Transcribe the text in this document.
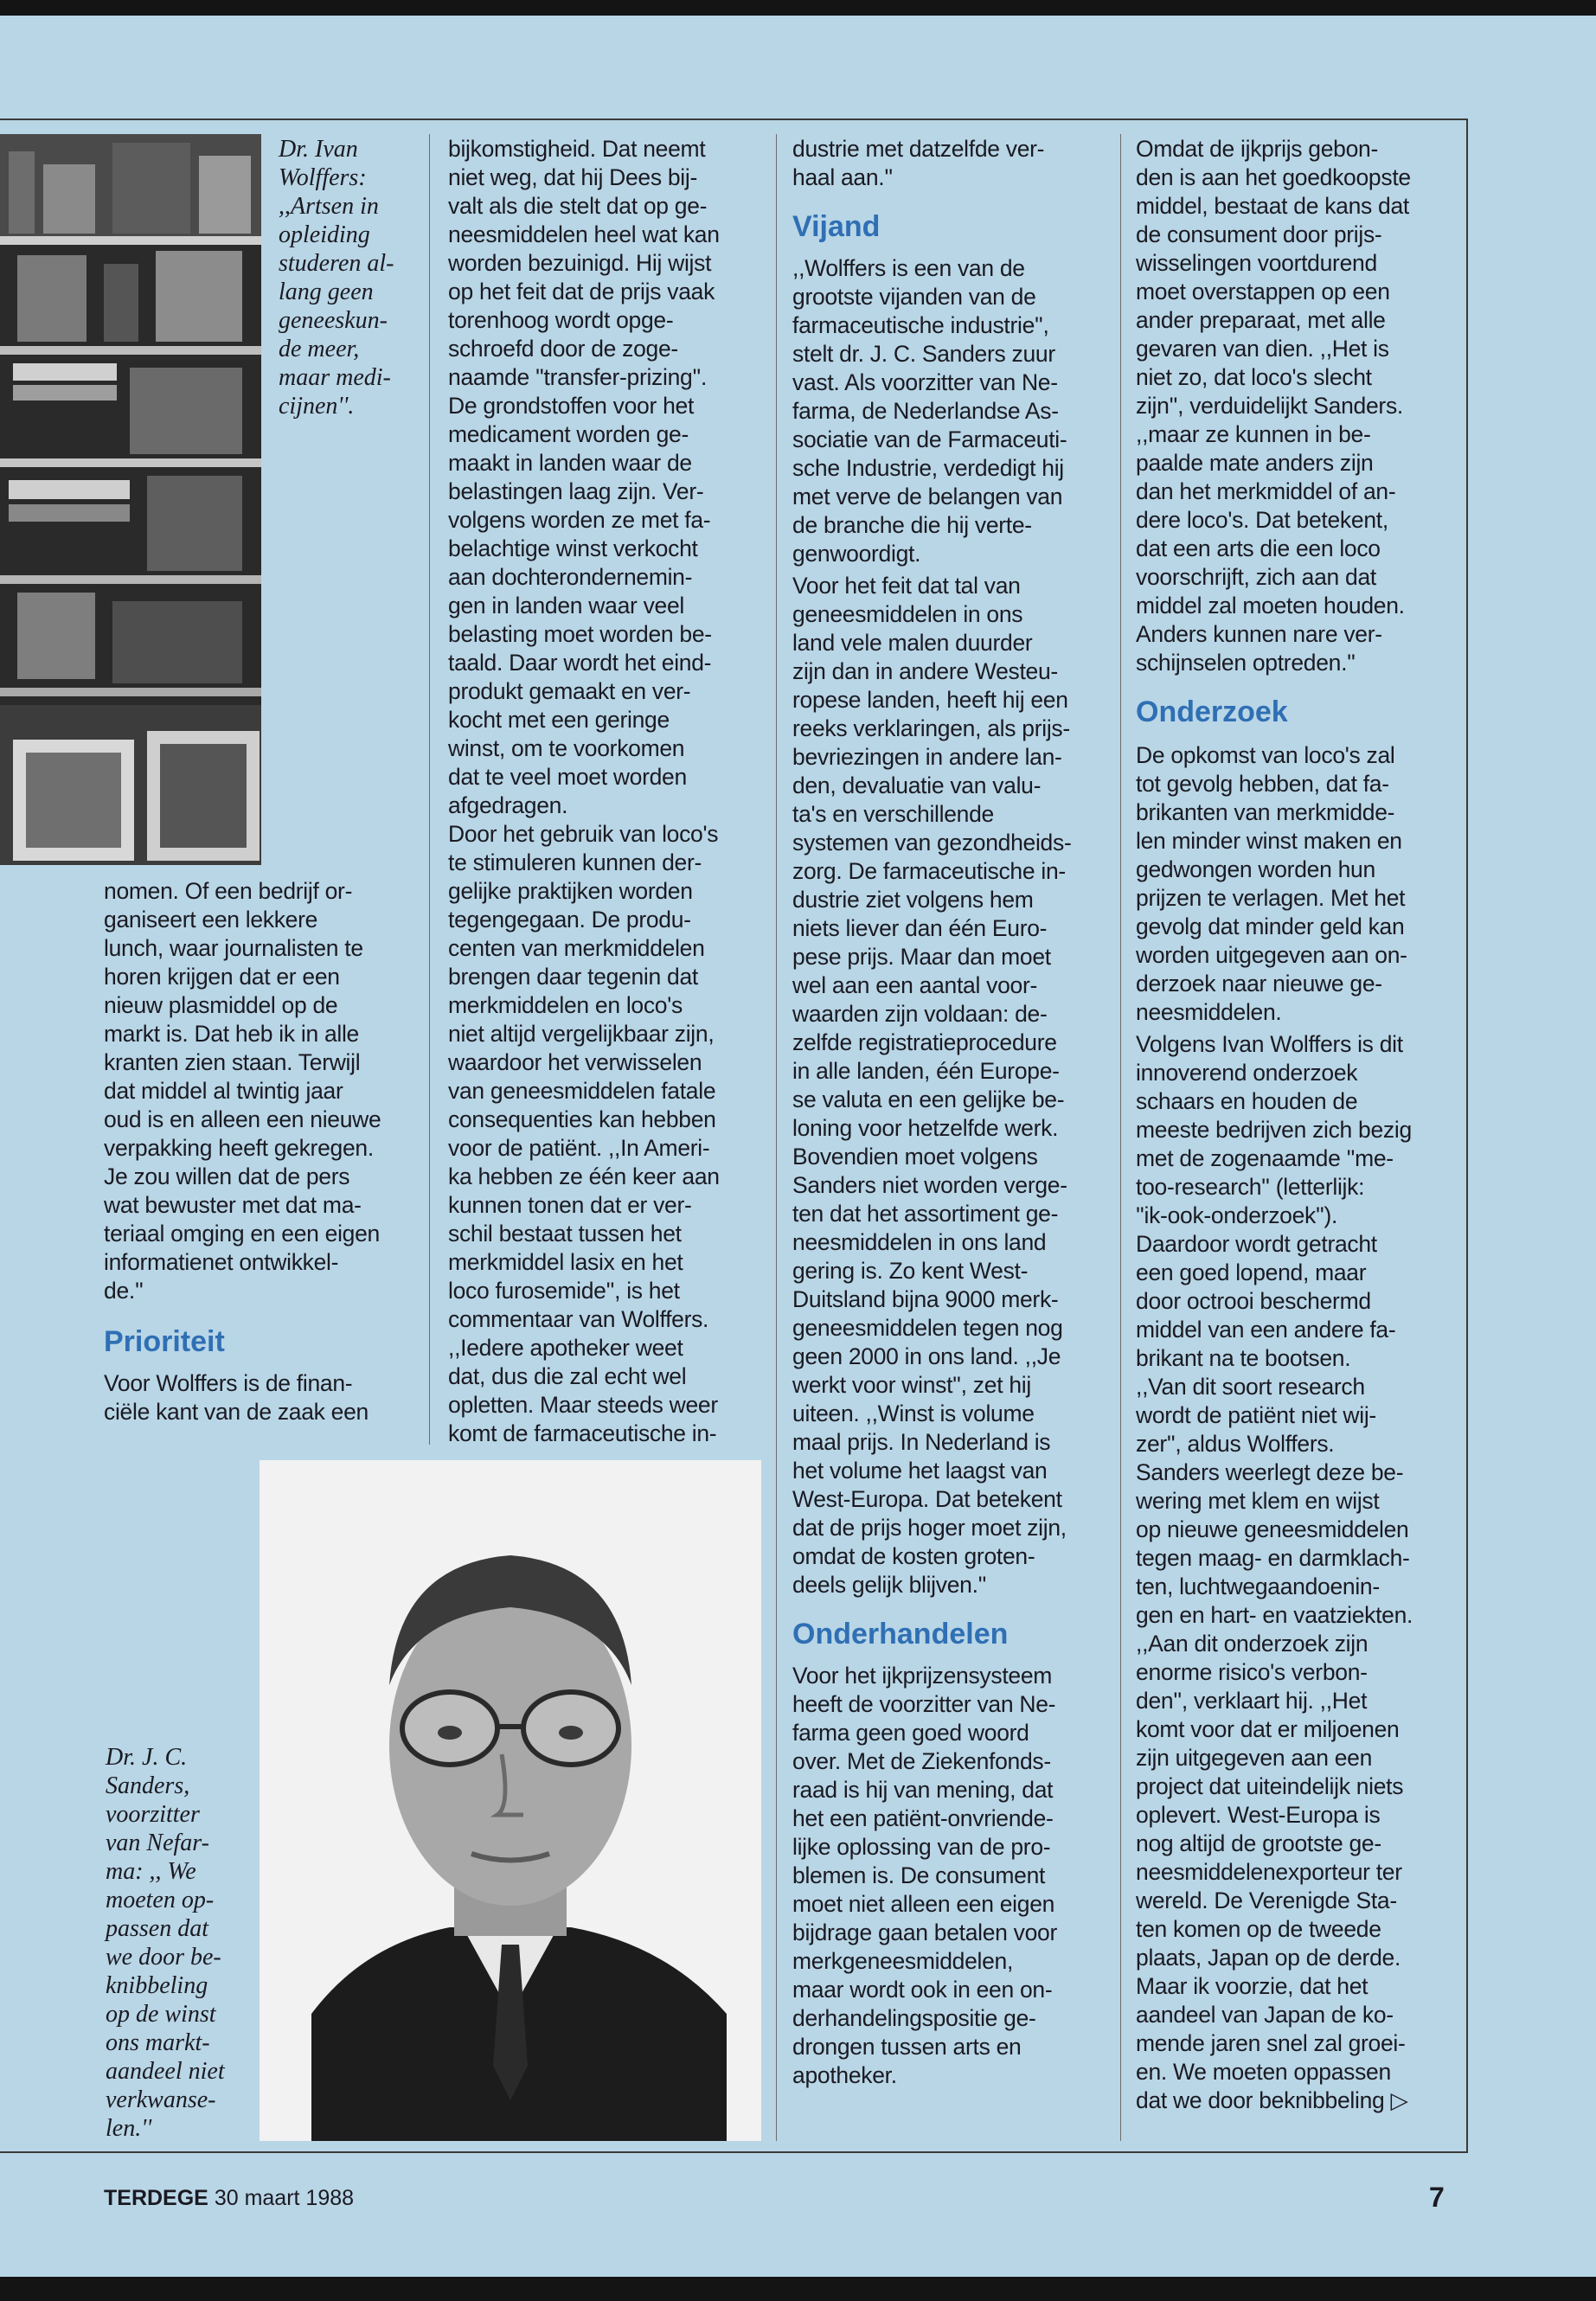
Dr. Ivan
Wolffers:
,,Artsen in
opleiding
studeren al-
lang geen
geneeskun-
de meer,
maar medi-
cijnen''.

nomen. Of een bedrijf or-
ganiseert een lekkere
lunch, waar journalisten te
horen krijgen dat er een
nieuw plasmiddel op de
markt is. Dat heb ik in alle
kranten zien staan. Terwijl
dat middel al twintig jaar
oud is en alleen een nieuwe
verpakking heeft gekregen.
Je zou willen dat de pers
wat bewuster met dat ma-
teriaal omging en een eigen
informatienet ontwikkel-
de.''

Prioriteit

Voor Wolffers is de finan-
ciële kant van de zaak een

bijkomstigheid. Dat neemt
niet weg, dat hij Dees bij-
valt als die stelt dat op ge-
neesmiddelen heel wat kan
worden bezuinigd. Hij wijst
op het feit dat de prijs vaak
torenhoog wordt opge-
schroefd door de zoge-
naamde ''transfer-prizing''.
De grondstoffen voor het
medicament worden ge-
maakt in landen waar de
belastingen laag zijn. Ver-
volgens worden ze met fa-
belachtige winst verkocht
aan dochterondernemin-
gen in landen waar veel
belasting moet worden be-
taald. Daar wordt het eind-
produkt gemaakt en ver-
kocht met een geringe
winst, om te voorkomen
dat te veel moet worden
afgedragen.

Door het gebruik van loco's
te stimuleren kunnen der-
gelijke praktijken worden
tegengegaan. De produ-
centen van merkmiddelen
brengen daar tegenin dat
merkmiddelen en loco's
niet altijd vergelijkbaar zijn,
waardoor het verwisselen
van geneesmiddelen fatale
consequenties kan hebben
voor de patiënt. ,,In Ameri-
ka hebben ze één keer aan
kunnen tonen dat er ver-
schil bestaat tussen het
merkmiddel lasix en het
loco furosemide'', is het
commentaar van Wolffers.
,,Iedere apotheker weet
dat, dus die zal echt wel
opletten. Maar steeds weer
komt de farmaceutische in-

Dr. J. C.
Sanders,
voorzitter
van Nefar-
ma: ,, We
moeten op-
passen dat
we door be-
knibbeling
op de winst
ons markt-
aandeel niet
verkwanse-
len.''

dustrie met datzelfde ver-
haal aan.''

Vijand

,,Wolffers is een van de
grootste vijanden van de
farmaceutische industrie'',
stelt dr. J. C. Sanders zuur
vast. Als voorzitter van Ne-
farma, de Nederlandse As-
sociatie van de Farmaceuti-
sche Industrie, verdedigt hij
met verve de belangen van
de branche die hij verte-
genwoordigt.

Voor het feit dat tal van
geneesmiddelen in ons
land vele malen duurder
zijn dan in andere Westeu-
ropese landen, heeft hij een
reeks verklaringen, als prijs-
bevriezingen in andere lan-
den, devaluatie van valu-
ta's en verschillende
systemen van gezondheids-
zorg. De farmaceutische in-
dustrie ziet volgens hem
niets liever dan één Euro-
pese prijs. Maar dan moet
wel aan een aantal voor-
waarden zijn voldaan: de-
zelfde registratieprocedure
in alle landen, één Europe-
se valuta en een gelijke be-
loning voor hetzelfde werk.
Bovendien moet volgens
Sanders niet worden verge-
ten dat het assortiment ge-
neesmiddelen in ons land
gering is. Zo kent West-
Duitsland bijna 9000 merk-
geneesmiddelen tegen nog
geen 2000 in ons land. ,,Je
werkt voor winst'', zet hij
uiteen. ,,Winst is volume
maal prijs. In Nederland is
het volume het laagst van
West-Europa. Dat betekent
dat de prijs hoger moet zijn,
omdat de kosten groten-
deels gelijk blijven.''

Onderhandelen

Voor het ijkprijzensysteem
heeft de voorzitter van Ne-
farma geen goed woord
over. Met de Ziekenfonds-
raad is hij van mening, dat
het een patiënt-onvriende-
lijke oplossing van de pro-
blemen is. De consument
moet niet alleen een eigen
bijdrage gaan betalen voor
merkgeneesmiddelen,
maar wordt ook in een on-
derhandelingspositie ge-
drongen tussen arts en
apotheker.

Omdat de ijkprijs gebon-
den is aan het goedkoopste
middel, bestaat de kans dat
de consument door prijs-
wisselingen voortdurend
moet overstappen op een
ander preparaat, met alle
gevaren van dien. ,,Het is
niet zo, dat loco's slecht
zijn'', verduidelijkt Sanders.
,,maar ze kunnen in be-
paalde mate anders zijn
dan het merkmiddel of an-
dere loco's. Dat betekent,
dat een arts die een loco
voorschrijft, zich aan dat
middel zal moeten houden.
Anders kunnen nare ver-
schijnselen optreden.''

Onderzoek

De opkomst van loco's zal
tot gevolg hebben, dat fa-
brikanten van merkmidde-
len minder winst maken en
gedwongen worden hun
prijzen te verlagen. Met het
gevolg dat minder geld kan
worden uitgegeven aan on-
derzoek naar nieuwe ge-
neesmiddelen.

Volgens Ivan Wolffers is dit
innoverend onderzoek
schaars en houden de
meeste bedrijven zich bezig
met de zogenaamde ''me-
too-research'' (letterlijk:
''ik-ook-onderzoek'').
Daardoor wordt getracht
een goed lopend, maar
door octrooi beschermd
middel van een andere fa-
brikant na te bootsen.
,,Van dit soort research
wordt de patiënt niet wij-
zer'', aldus Wolffers.
Sanders weerlegt deze be-
wering met klem en wijst
op nieuwe geneesmiddelen
tegen maag- en darmklach-
ten, luchtwegaandoenin-
gen en hart- en vaatziekten.
,,Aan dit onderzoek zijn
enorme risico's verbon-
den'', verklaart hij. ,,Het
komt voor dat er miljoenen
zijn uitgegeven aan een
project dat uiteindelijk niets
oplevert. West-Europa is
nog altijd de grootste ge-
neesmiddelenexporteur ter
wereld. De Verenigde Sta-
ten komen op de tweede
plaats, Japan op de derde.
Maar ik voorzie, dat het
aandeel van Japan de ko-
mende jaren snel zal groei-
en. We moeten oppassen
dat we door beknibbeling ▷

TERDEGE 30 maart 1988	7
